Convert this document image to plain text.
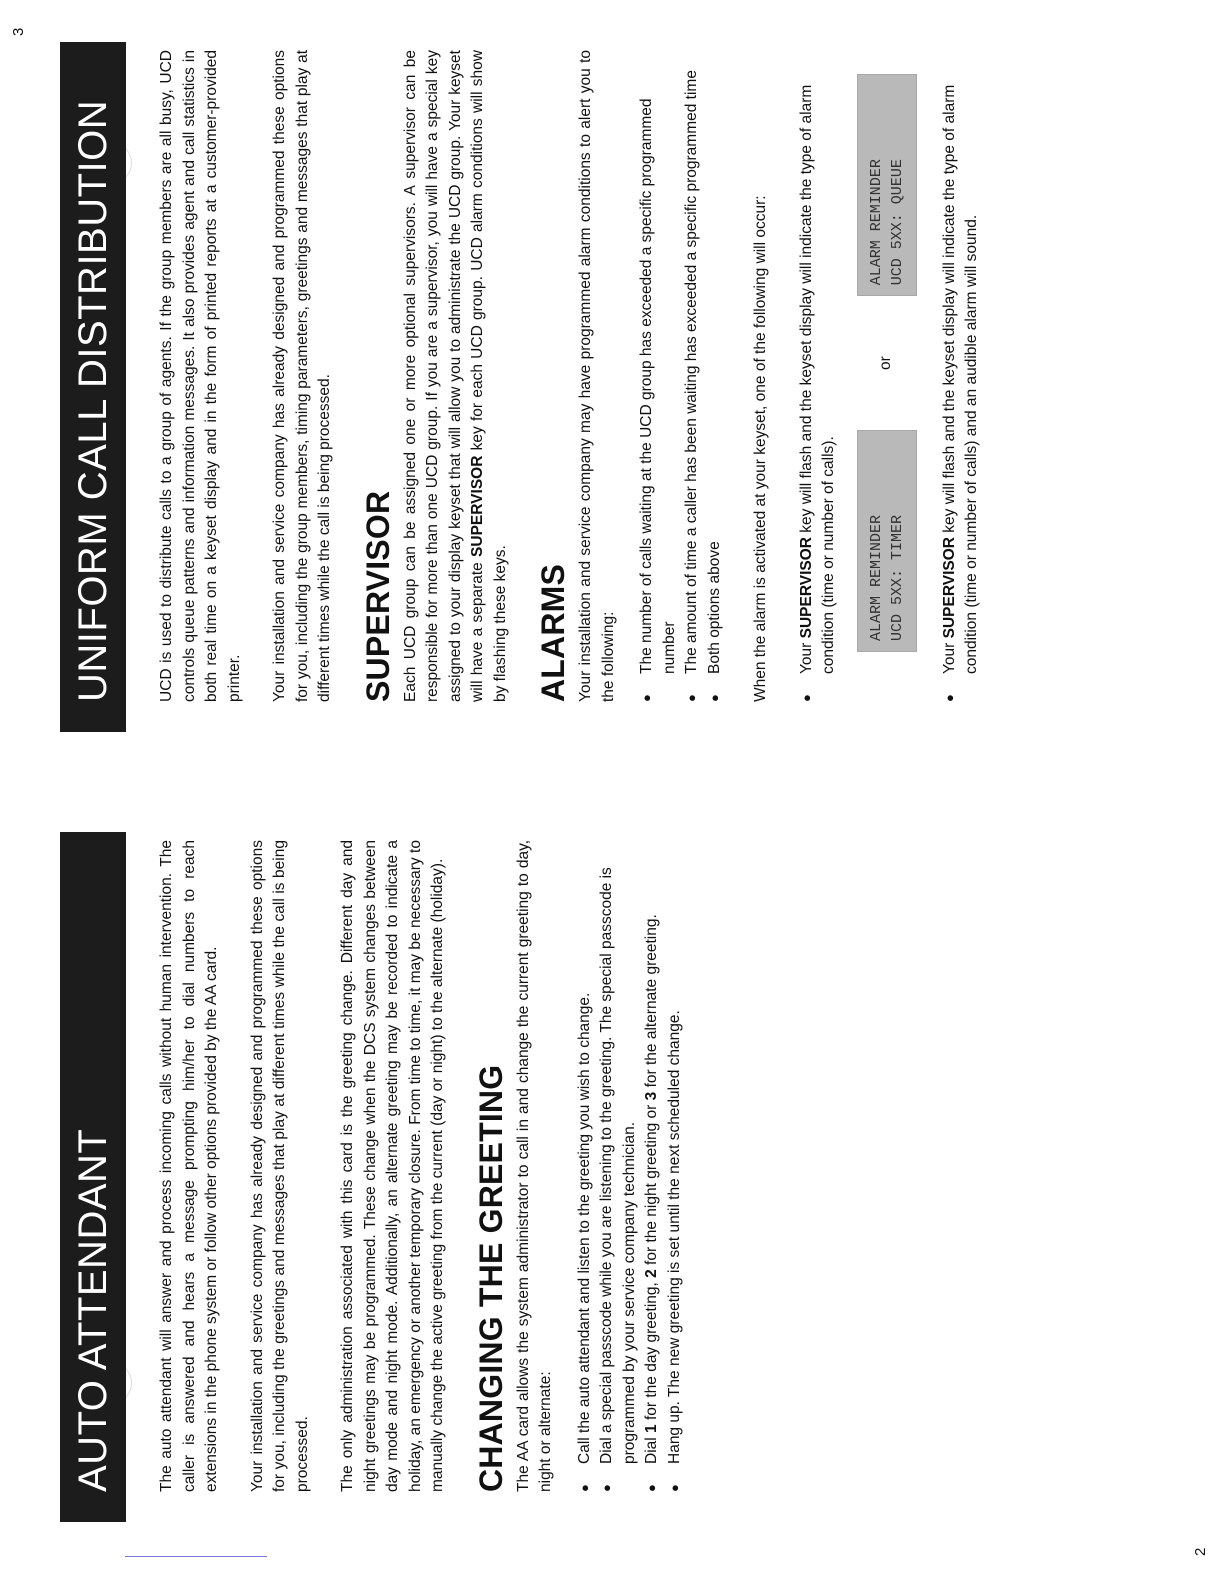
AUTO ATTENDANT	The auto attendant will answer and process incoming calls without human intervention. The caller is answered and hears a message prompting him/her to dial numbers to reach extensions in the phone system or follow other options provided by the AA card. Your installation and service company has already designed and programmed these options for you, including the greetings and messages that play at different times while the call is being processed. The only administration associated with this card is the greeting change. Different day and night greetings may be programmed. These change when the DCS system changes between day mode and night mode. Additionally, an alternate greeting may be recorded to indicate a holiday, an emergency or another temporary closure. From time to time, it may be necessary to manually change the active greeting from the current (day or night) to the alternate (holiday). CHANGING THE GREETING The AA card allows the system administrator to call in and change the current greeting to day, night or alternate: ● Call the auto attendant and listen to the greeting you wish to change. ● Dial a special passcode while you are listening to the greeting. The special passcode is programmed by your service company technician. ● Dial 1 for the day greeting, 2 for the night greeting or 3 for the alternate greeting.
● Hang up. The new greeting is set until the next scheduled change.
UNIFORM CALL DISTRIBUTION	UCD is used to distribute calls to a group of agents. If the group members are all busy, UCD controls queue patterns and information messages. It also provides agent and call statistics in both real time on a keyset display and in the form of printed reports at a customer-provided printer. Your installation and service company has already designed and programmed these options for you, including the group members, timing parameters, greetings and messages that play at different times while the call is being processed. SUPERVISOR Each UCD group can be assigned one or more optional supervisors. A supervisor can be responsible for more than one UCD group. If you are a supervisor, you will have a special key assigned to your display keyset that will allow you to administrate the UCD group. Your keyset will have a separate SUPERVISOR key for each UCD group. UCD alarm conditions will show by flashing these keys. ALARMS Your installation and service company may have programmed alarm conditions to alert you to the following: ● The number of calls waiting at the UCD group has exceeded a specific programmed number ● The amount of time a caller has been waiting has exceeded a specific programmed time ● Both options above When the alarm is activated at your keyset, one of the following will occur: ● Your SUPERVISOR key will flash and the keyset display will indicate the type of alarm condition (time or number of calls). ALARM REMINDER UCD 5XX: TIMER
or
ALARM REMINDER UCD 5XX: QUEUE
● Your SUPERVISOR key will flash and the keyset display will indicate the type of alarm condition (time or number of calls) and an audible alarm will sound.
2
3
